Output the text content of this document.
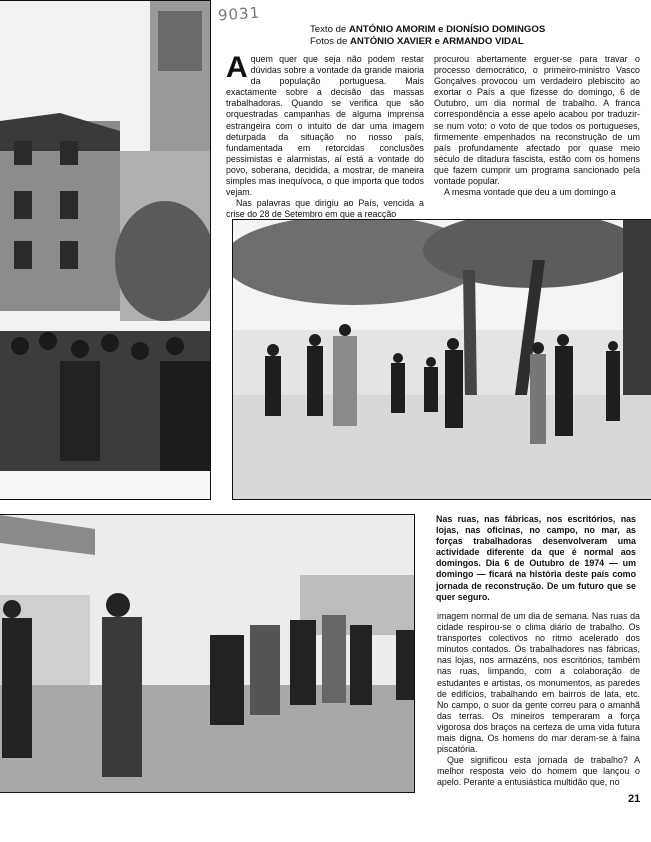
9031
Texto de ANTÓNIO AMORIM e DIONÍSIO DOMINGOS
Fotos de ANTÓNIO XAVIER e ARMANDO VIDAL

Aquem quer que seja não podem restar dúvidas sobre a vontade da grande maioria da população portuguesa. Mais exactamente sobre a decisão das massas trabalhadoras. Quando se verifica que são orquestradas campanhas de alguma imprensa estrangeira com o intuito de dar uma imagem deturpada da situação no nosso país, fundamentada em retorcidas conclusões pessimistas e alarmistas, aí está a vontade do povo, soberana, decidida, a mostrar, de maneira simples mas inequívoca, o que importa que todos vejam.

Nas palavras que dirigiu ao País, vencida a crise do 28 de Setembro em que a reacção

procurou abertamente erguer-se para travar o processo democrático, o primeiro-ministro Vasco Gonçalves provocou um verdadeiro plebiscito ao exortar o País a que fizesse do domingo, 6 de Outubro, um dia normal de trabalho. A franca correspondência a esse apelo acabou por traduzir-se num voto: o voto de que todos os portugueses, firmemente empenhados na reconstrução de um país profundamente afectado por quase meio século de ditadura fascista, estão com os homens que fazem cumprir um programa sancionado pela vontade popular.

A mesma vontade que deu a um domingo a

Nas ruas, nas fábricas, nos escritórios, nas lojas, nas oficinas, no campo, no mar, as forças trabalhadoras desenvolveram uma actividade diferente da que é normal aos domingos. Dia 6 de Outubro de 1974 — um domingo — ficará na história deste país como jornada de reconstrução. De um futuro que se quer seguro.

imagem normal de um dia de semana. Nas ruas da cidade respirou-se o clima diário de trabalho. Os transportes colectivos no ritmo acelerado dos minutos contados. Os trabalhadores nas fábricas, nas lojas, nos armazéns, nos escritórios, também nas ruas, limpando, com a colaboração de estudantes e artistas, os monumentos, as paredes de edifícios, trabalhando em bairros de lata, etc. No campo, o suor da gente correu para o amanhã das terras. Os mineiros temperaram a força vigorosa dos braços na certeza de uma vida futura mais digna. Os homens do mar deram-se à faina piscatória.

Que significou esta jornada de trabalho? A melhor resposta veio do homem que lançou o apelo. Perante a entusiástica multidão que, no

21
